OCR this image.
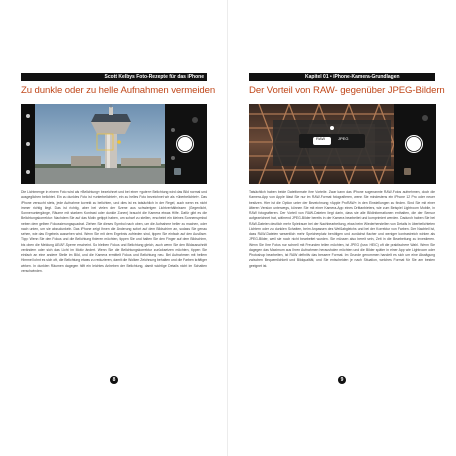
Scott Kelbys Foto-Rezepte für das iPhone
Zu dunkle oder zu helle Aufnahmen vermeiden
Die Lichtmenge in einem Foto wird als »Belichtung« bezeichnet und bei einer »guten« Belichtung wird das Bild normal und ausgeglichen belichtet. Ein zu dunkles Foto ist »unterbelichtet«, ein zu helles Foto bezeichnet wir als »überbelichtet«. Das iPhone versucht stets, jede Aufnahme korrekt zu belichten, und dies ist es tatsächlich in der Regel, auch wenn es nicht immer richtig liegt. Das ist richtig, aber bei vielen der Szene aus schwierigen Lichtverhältnissen (Gegenlicht, Sonnenuntergänge, Räume mit starkem Kontrast oder dunkle Zonen) braucht die Kamera etwas Hilfe. Dafür gibt es die Belichtungskorrektur: Nachdem Sie auf das Motiv getippt haben, um scharf zu stellen, erscheint ein kleines Sonnensymbol neben dem gelben Fokussierungsquadrat. Ziehen Sie dieses Symbol nach oben, um die Aufnahme heller zu machen, oder nach unten, um sie abzudunkeln. Das iPhone zeigt Ihnen die Änderung sofort auf dem Bildschirm an, sodass Sie genau sehen, wie das Ergebnis aussehen wird. Wenn Sie mit dem Ergebnis zufrieden sind, tippen Sie einfach auf den Auslöser. Tipp: Wenn Sie den Fokus und die Belichtung fixieren möchten, tippen Sie und halten Sie den Finger auf dem Bildschirm, bis oben die Meldung AE/AF-Sperre erscheint. So bleiben Fokus und Belichtung gleich, auch wenn Sie den Bildausschnitt verändern oder sich das Licht im Motiv ändert. Wenn Sie die Belichtungskorrektur zurücksetzen möchten, tippen Sie einfach an eine andere Stelle im Bild, und die Kamera ermittelt Fokus und Belichtung neu. Bei Aufnahmen mit hellem Himmel lohnt es sich oft, die Belichtung etwas zu reduzieren, damit die Wolken Zeichnung behalten und die Farben kräftiger wirken. In dunklen Räumen dagegen hilft ein leichtes Anheben der Belichtung, damit wichtige Details nicht im Schatten verschwinden.
8
Kapitel 01 • iPhone-Kamera-Grundlagen
Der Vorteil von RAW- gegenüber JPEG-Bildern
RAW	JPEG
Tatsächlich haben beide Dateiformate ihre Vorteile. Zwar kann das iPhone sogenannte RAW-Fotos aufnehmen, doch die Kamera-App von Apple lässt Sie nur im RAW-Format fotografieren, wenn Sie mindestens ein iPhone 12 Pro oder neuer besitzen. Hier ist die Option unter der Bezeichnung »Apple ProRAW« in den Einstellungen zu finden. Sind Sie mit einer älteren Version unterwegs, können Sie mit einer Kamera-App eines Drittanbieters, wie zum Beispiel Lightroom Mobile, in RAW fotografieren. Der Vorteil von RAW-Dateien liegt darin, dass sie alle Bildinformationen enthalten, die der Sensor aufgezeichnet hat, während JPEG-Bilder bereits in der Kamera bearbeitet und komprimiert werden. Dadurch haben Sie bei RAW-Dateien deutlich mehr Spielraum bei der Nachbearbeitung, etwa beim Wiederherstellen von Details in überbelichteten Lichtern oder zu dunklen Schatten, beim Anpassen des Weißabgleichs und bei der Korrektur von Farben. Der Nachteil ist, dass RAW-Dateien wesentlich mehr Speicherplatz benötigen und zunächst flacher und weniger kontrastreich wirken als JPEG-Bilder, weil sie noch nicht bearbeitet wurden. Sie müssen also bereit sein, Zeit in die Bearbeitung zu investieren. Wenn Sie Ihre Fotos nur schnell mit Freunden teilen möchten, ist JPEG (bzw. HEIC) oft die praktischere Wahl. Wenn Sie dagegen das Maximum aus Ihren Aufnahmen herausholen möchten und die Bilder später in einer App wie Lightroom oder Photoshop bearbeiten, ist RAW definitiv das bessere Format. Im Grunde genommen handelt es sich um eine Abwägung zwischen Bequemlichkeit und Bildqualität, und Sie entscheiden je nach Situation, welches Format für Sie am besten geeignet ist.
9
